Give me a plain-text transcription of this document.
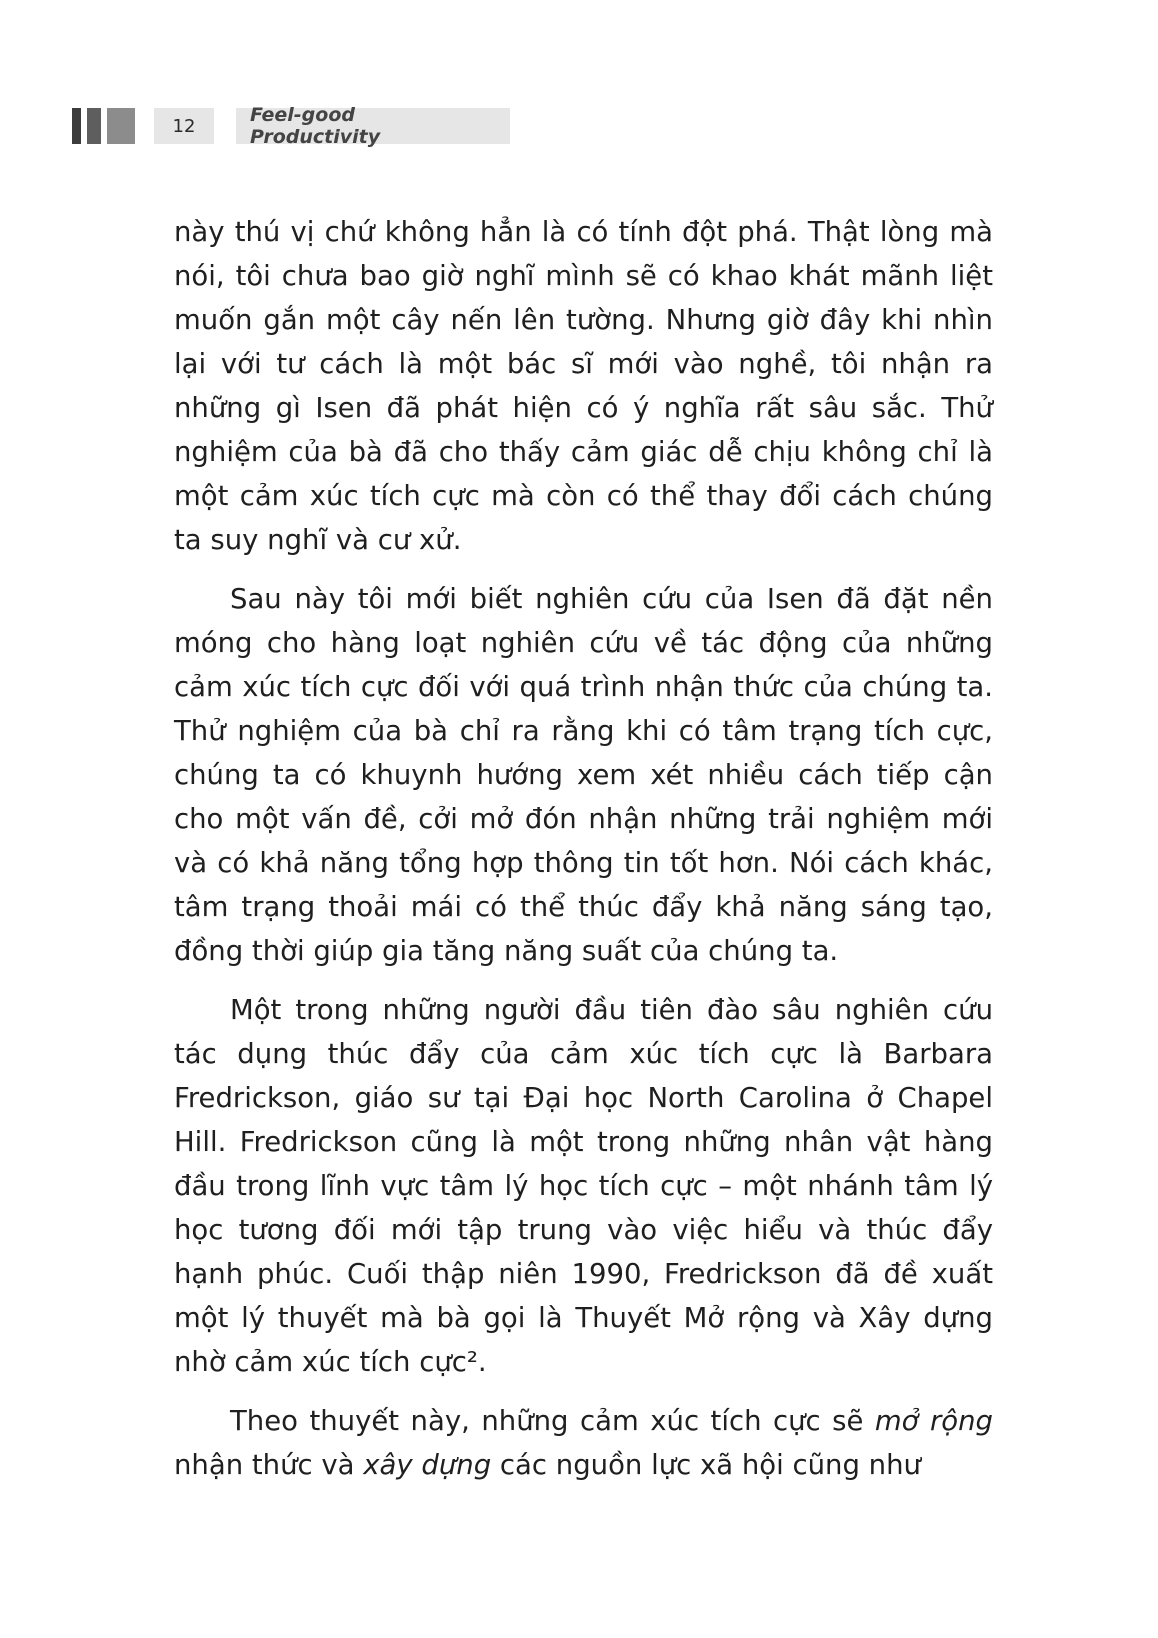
12	Feel-good Productivity

này thú vị chứ không hẳn là có tính đột phá. Thật lòng mà nói, tôi chưa bao giờ nghĩ mình sẽ có khao khát mãnh liệt muốn gắn một cây nến lên tường. Nhưng giờ đây khi nhìn lại với tư cách là một bác sĩ mới vào nghề, tôi nhận ra những gì Isen đã phát hiện có ý nghĩa rất sâu sắc. Thử nghiệm của bà đã cho thấy cảm giác dễ chịu không chỉ là một cảm xúc tích cực mà còn có thể thay đổi cách chúng ta suy nghĩ và cư xử.

Sau này tôi mới biết nghiên cứu của Isen đã đặt nền móng cho hàng loạt nghiên cứu về tác động của những cảm xúc tích cực đối với quá trình nhận thức của chúng ta. Thử nghiệm của bà chỉ ra rằng khi có tâm trạng tích cực, chúng ta có khuynh hướng xem xét nhiều cách tiếp cận cho một vấn đề, cởi mở đón nhận những trải nghiệm mới và có khả năng tổng hợp thông tin tốt hơn. Nói cách khác, tâm trạng thoải mái có thể thúc đẩy khả năng sáng tạo, đồng thời giúp gia tăng năng suất của chúng ta.

Một trong những người đầu tiên đào sâu nghiên cứu tác dụng thúc đẩy của cảm xúc tích cực là Barbara Fredrickson, giáo sư tại Đại học North Carolina ở Chapel Hill. Fredrickson cũng là một trong những nhân vật hàng đầu trong lĩnh vực tâm lý học tích cực – một nhánh tâm lý học tương đối mới tập trung vào việc hiểu và thúc đẩy hạnh phúc. Cuối thập niên 1990, Fredrickson đã đề xuất một lý thuyết mà bà gọi là Thuyết Mở rộng và Xây dựng nhờ cảm xúc tích cực².

Theo thuyết này, những cảm xúc tích cực sẽ mở rộng nhận thức và xây dựng các nguồn lực xã hội cũng như
